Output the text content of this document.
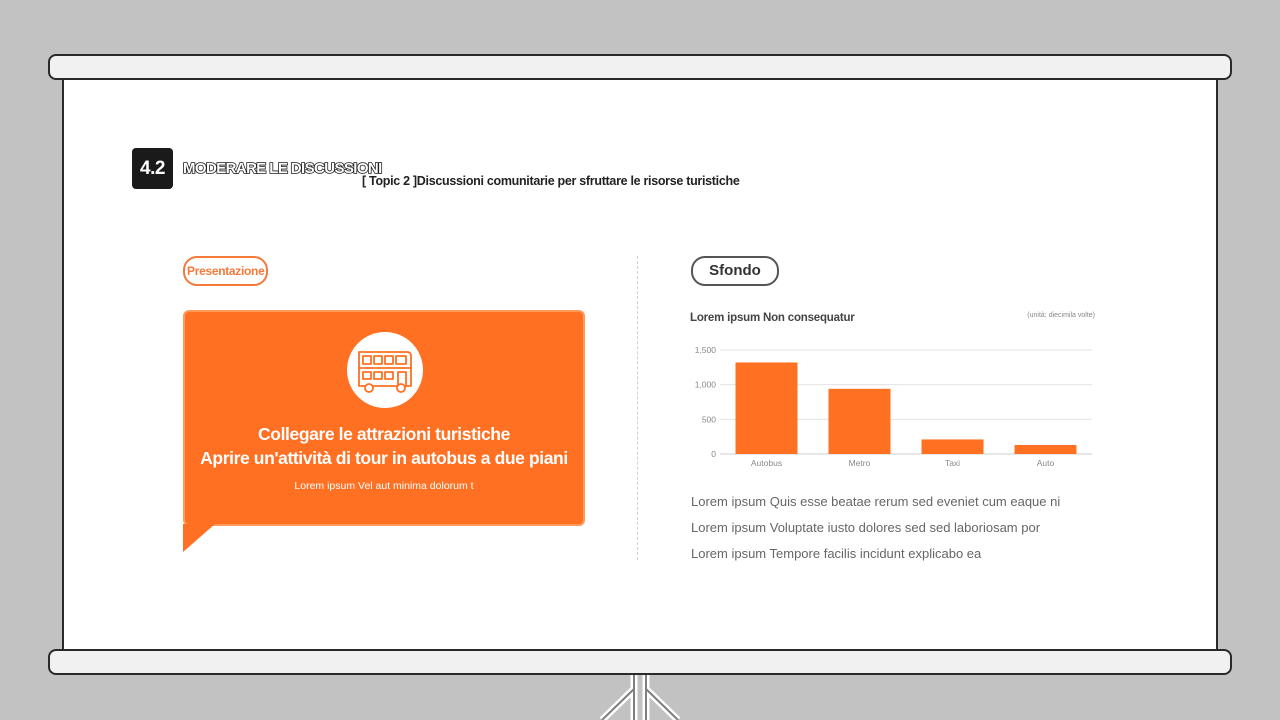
4.2	MODERARE LE DISCUSSIONI
[ Topic 2 ]Discussioni comunitarie per sfruttare le risorse turistiche
Presentazione
Collegare le attrazioni turistiche
Aprire un'attività di tour in autobus a due piani
Lorem ipsum Vel aut minima dolorum t
Sfondo
Lorem ipsum Non consequatur	(unità: diecimila volte)
0
500
1,000
1,500
Autobus	Metro	Taxi	Auto
Lorem ipsum Quis esse beatae rerum sed eveniet cum eaque ni
Lorem ipsum Voluptate iusto dolores sed sed laboriosam por
Lorem ipsum Tempore facilis incidunt explicabo ea
